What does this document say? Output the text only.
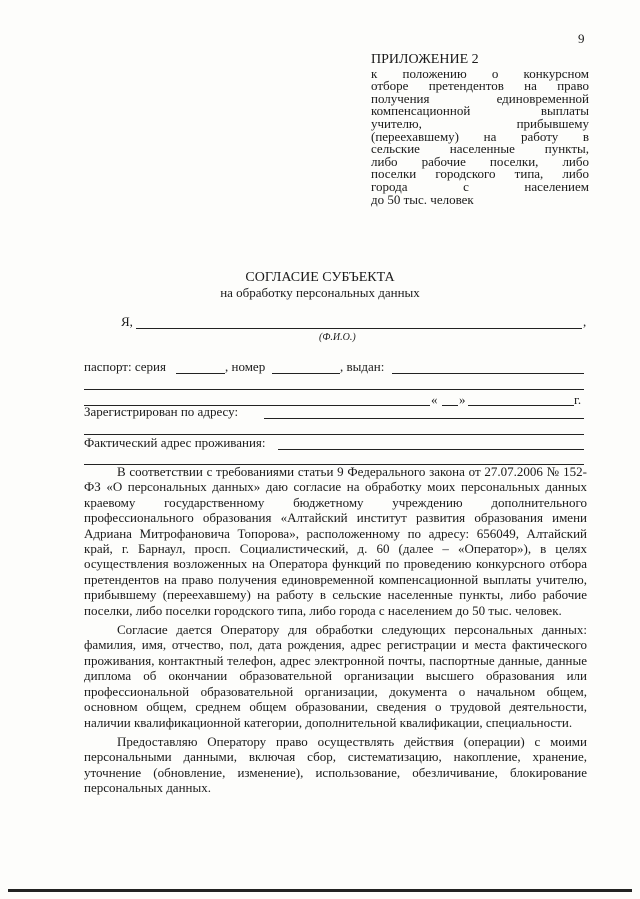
9
ПРИЛОЖЕНИЕ 2
к положению о конкурсном
отборе претендентов на право
получения единовременной
компенсационной выплаты
учителю, прибывшему
(переехавшему) на работу в
сельские населенные пункты,
либо рабочие поселки, либо
поселки городского типа, либо
города с населением
до 50 тыс. человек
СОГЛАСИЕ СУБЪЕКТА
на обработку персональных данных
Я,	,
(Ф.И.О.)
паспорт: серия	, номер	, выдан:
« »	г.
Зарегистрирован по адресу:
Фактический адрес проживания:

В соответствии с требованиями статьи 9 Федерального закона от 27.07.2006 № 152-ФЗ «О персональных данных» даю согласие на обработку моих персональных данных краевому государственному бюджетному учреждению дополнительного профессионального образования «Алтайский институт развития образования имени Адриана Митрофановича Топорова», расположенному по адресу: 656049, Алтайский край, г. Барнаул, просп. Социалистический, д. 60 (далее – «Оператор»), в целях осуществления возложенных на Оператора функций по проведению конкурсного отбора претендентов на право получения единовременной компенсационной выплаты учителю, прибывшему (переехавшему) на работу в сельские населенные пункты, либо рабочие поселки, либо поселки городского типа, либо города с населением до 50 тыс. человек.

Согласие дается Оператору для обработки следующих персональных данных: фамилия, имя, отчество, пол, дата рождения, адрес регистрации и места фактического проживания, контактный телефон, адрес электронной почты, паспортные данные, данные диплома об окончании образовательной организации высшего образования или профессиональной образовательной организации, документа о начальном общем, основном общем, среднем общем образовании, сведения о трудовой деятельности, наличии квалификационной категории, дополнительной квалификации, специальности.

Предоставляю Оператору право осуществлять действия (операции) с моими персональными данными, включая сбор, систематизацию, накопление, хранение, уточнение (обновление, изменение), использование, обезличивание, блокирование персональных данных.
